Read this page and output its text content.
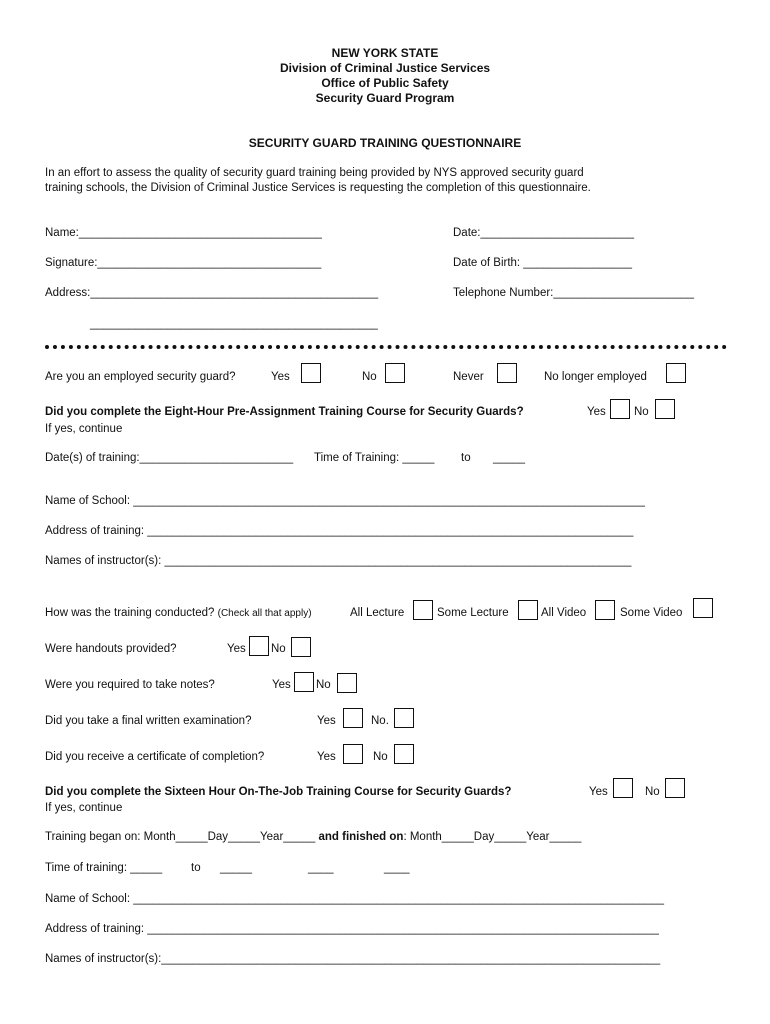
NEW YORK STATE
Division of Criminal Justice Services
Office of Public Safety
Security Guard Program
SECURITY GUARD TRAINING QUESTIONNAIRE
In an effort to assess the quality of security guard training being provided by NYS approved security guard
training schools, the Division of Criminal Justice Services is requesting the completion of this questionnaire.
Name:______________________________________	Date:________________________
Signature:___________________________________	Date of Birth: _________________
Address:_____________________________________________	Telephone Number:______________________
_____________________________________________
Are you an employed security guard?	Yes	No	Never	No longer employed
Did you complete the Eight-Hour Pre-Assignment Training Course for Security Guards?	Yes No
If yes, continue
Date(s) of training:________________________ Time of Training: _____ to _____
Name of School: ________________________________________________________________________________
Address of training: ____________________________________________________________________________
Names of instructor(s): _________________________________________________________________________
How was the training conducted? (Check all that apply)	All Lecture	Some Lecture	All Video	Some Video
Were handouts provided?	Yes No
Were you required to take notes?	Yes No
Did you take a final written examination?	Yes	No.
Did you receive a certificate of completion?	Yes	No
Did you complete the Sixteen Hour On-The-Job Training Course for Security Guards?	Yes	No
If yes, continue
Training began on: Month_____Day_____Year_____ and finished on: Month_____Day_____Year_____
Time of training: _____	to _____	____	____
Name of School: ___________________________________________________________________________________
Address of training: ________________________________________________________________________________
Names of instructor(s):______________________________________________________________________________
